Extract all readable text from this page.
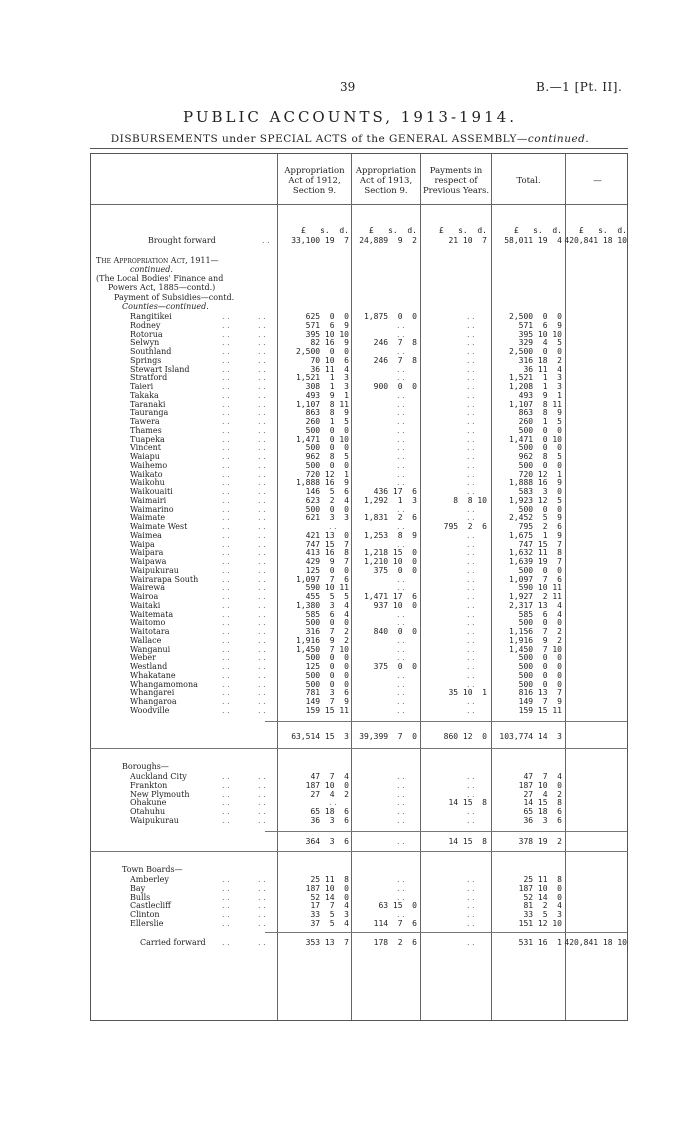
39	B.—1 [Pt. II].
PUBLIC ACCOUNTS, 1913-1914.
DISBURSEMENTS under SPECIAL ACTS of the GENERAL ASSEMBLY—continued.
Appropriation Act of 1912, Section 9.
Appropriation Act of 1913, Section 9.
Payments in respect of Previous Years.
Total.	—
£   s.  d.	£   s.  d.	£   s.  d.	£   s.  d.	£   s.  d.
Brought forward	. .	33,100 19  7	24,889  9  2	21 10  7	58,011 19  4 420,841 18 10
The Appropriation Act, 1911—
continued.
(The Local Bodies' Finance and
Powers Act, 1885—contd.)
Payment of Subsidies—contd.
Counties—continued.
Rangitikei	. .	. .	625  0  0	1,875  0  0	. .	2,500  0  0
Rodney	. .	. .	571  6  9	. .	. .	571  6  9
Rotorua	. .	. .	395 10 10	. .	. .	395 10 10
Selwyn	. .	. .	82 16  9	246  7  8	. .	329  4  5
Southland	. .	. .	2,500  0  0	. .	. .	2,500  0  0
Springs	. .	. .	70 10  6	246  7  8	. .	316 18  2
Stewart Island	. .	. .	36 11  4	. .	. .	36 11  4
Stratford	. .	. .	1,521  1  3	. .	. .	1,521  1  3
Taieri	. .	. .	308  1  3	900  0  0	. .	1,208  1  3
Takaka	. .	. .	493  9  1	. .	. .	493  9  1
Taranaki	. .	. .	1,107  8 11	. .	. .	1,107  8 11
Tauranga	. .	. .	863  8  9	. .	. .	863  8  9
Tawera	. .	. .	260  1  5	. .	. .	260  1  5
Thames	. .	. .	500  0  0	. .	. .	500  0  0
Tuapeka	. .	. .	1,471  0 10	. .	. .	1,471  0 10
Vincent	. .	. .	500  0  0	. .	. .	500  0  0
Waiapu	. .	. .	962  8  5	. .	. .	962  8  5
Waihemo	. .	. .	500  0  0	. .	. .	500  0  0
Waikato	. .	. .	720 12  1	. .	. .	720 12  1
Waikohu	. .	. .	1,888 16  9	. .	. .	1,888 16  9
Waikouaiti	. .	. .	146  5  6	436 17  6	. .	583  3  0
Waimairi	. .	. .	623  2  4	1,292  1  3	8  8 10	1,923 12  5
Waimarino	. .	. .	500  0  0	. .	. .	500  0  0
Waimate	. .	. .	621  3  3	1,831  2  6	. .	2,452  5  9
Waimate West	. .	. .	. .	. .	795  2  6	795  2  6
Waimea	. .	. .	421 13  0	1,253  8  9	. .	1,675  1  9
Waipa	. .	. .	747 15  7	. .	. .	747 15  7
Waipara	. .	. .	413 16  8	1,218 15  0	. .	1,632 11  8
Waipawa	. .	. .	429  9  7	1,210 10  0	. .	1,639 19  7
Waipukurau	. .	. .	125  0  0	375  0  0	. .	500  0  0
Wairarapa South	. .	. .	1,097  7  6	. .	. .	1,097  7  6
Wairewa	. .	. .	590 10 11	. .	. .	590 10 11
Wairoa	. .	. .	455  5  5	1,471 17  6	. .	1,927  2 11
Waitaki	. .	. .	1,380  3  4	937 10  0	. .	2,317 13  4
Waitemata	. .	. .	585  6  4	. .	. .	585  6  4
Waitomo	. .	. .	500  0  0	. .	. .	500  0  0
Waitotara	. .	. .	316  7  2	840  0  0	. .	1,156  7  2
Wallace	. .	. .	1,916  9  2	. .	. .	1,916  9  2
Wanganui	. .	. .	1,450  7 10	. .	. .	1,450  7 10
Weber	. .	. .	500  0  0	. .	. .	500  0  0
Westland	. .	. .	125  0  0	375  0  0	. .	500  0  0
Whakatane	. .	. .	500  0  0	. .	. .	500  0  0
Whangamomona	. .	. .	500  0  0	. .	. .	500  0  0
Whangarei	. .	. .	781  3  6	. .	35 10  1	816 13  7
Whangaroa	. .	. .	149  7  9	. .	. .	149  7  9
Woodville	. .	. .	159 15 11	. .	. .	159 15 11
63,514 15  3	39,399  7  0	860 12  0	103,774 14  3
Boroughs—
Auckland City	. .	. .	47  7  4	. .	. .	47  7  4
Frankton	. .	. .	187 10  0	. .	. .	187 10  0
New Plymouth	. .	. .	27  4  2	. .	. .	27  4  2
Ohakune	. .	. .	. .	. .	14 15  8	14 15  8
Otahuhu	. .	. .	65 18  6	. .	. .	65 18  6
Waipukurau	. .	. .	36  3  6	. .	. .	36  3  6
364  3  6	. .	14 15  8	378 19  2
Town Boards—
Amberley	. .	. .	25 11  8	. .	. .	25 11  8
Bay	. .	. .	187 10  0	. .	. .	187 10  0
Bulls	. .	. .	52 14  0	. .	. .	52 14  0
Castlecliff	. .	. .	17  7  4	63 15  0	. .	81  2  4
Clinton	. .	. .	33  5  3	. .	. .	33  5  3
Ellerslie	. .	. .	37  5  4	114  7  6	. .	151 12 10
Carried forward . .	. .	353 13  7	178  2  6	. .	531 16  1 420,841 18 10
